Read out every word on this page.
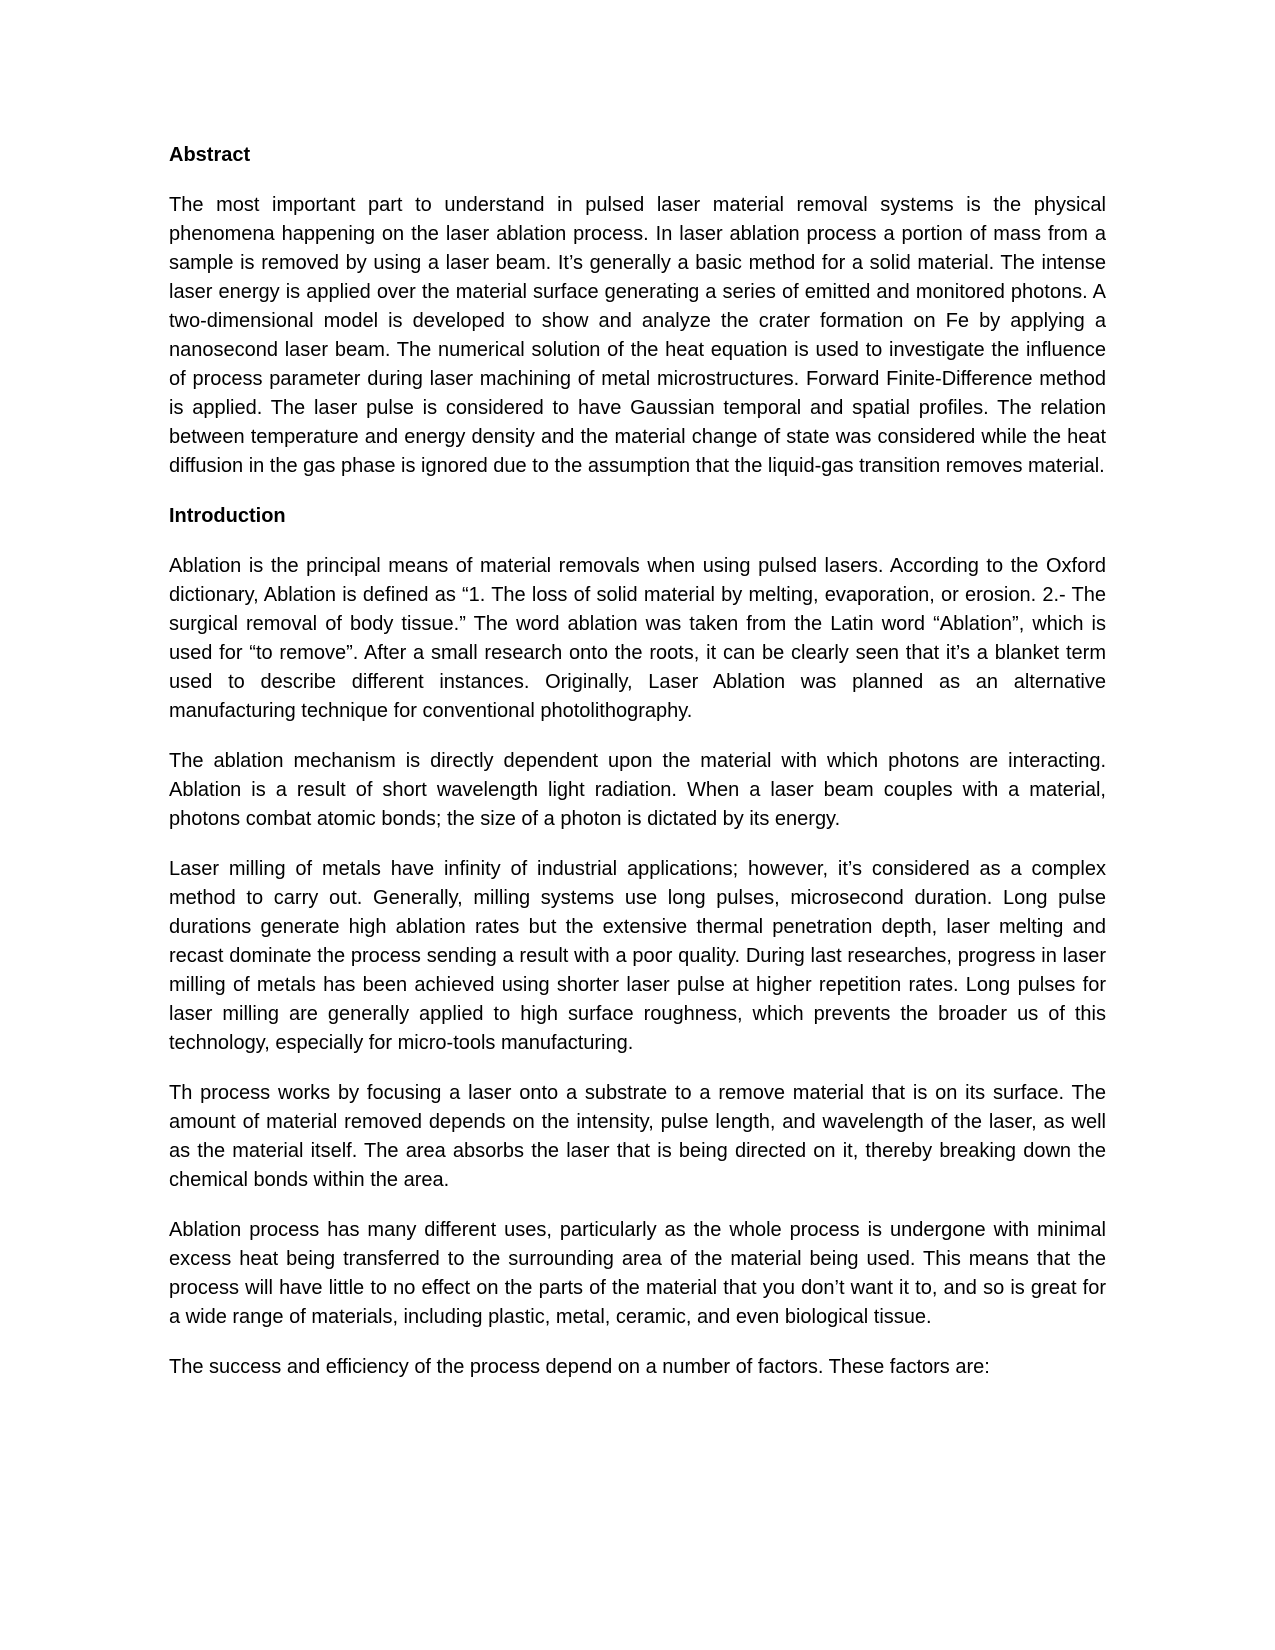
Abstract

The most important part to understand in pulsed laser material removal systems is the physical phenomena happening on the laser ablation process. In laser ablation process a portion of mass from a sample is removed by using a laser beam. It’s generally a basic method for a solid material. The intense laser energy is applied over the material surface generating a series of emitted and monitored photons. A two-dimensional model is developed to show and analyze the crater formation on Fe by applying a nanosecond laser beam. The numerical solution of the heat equation is used to investigate the influence of process parameter during laser machining of metal microstructures. Forward Finite-Difference method is applied. The laser pulse is considered to have Gaussian temporal and spatial profiles. The relation between temperature and energy density and the material change of state was considered while the heat diffusion in the gas phase is ignored due to the assumption that the liquid-gas transition removes material.

Introduction

Ablation is the principal means of material removals when using pulsed lasers. According to the Oxford dictionary, Ablation is defined as “1. The loss of solid material by melting, evaporation, or erosion. 2.- The surgical removal of body tissue.” The word ablation was taken from the Latin word “Ablation”, which is used for “to remove”. After a small research onto the roots, it can be clearly seen that it’s a blanket term used to describe different instances. Originally, Laser Ablation was planned as an alternative manufacturing technique for conventional photolithography.

The ablation mechanism is directly dependent upon the material with which photons are interacting. Ablation is a result of short wavelength light radiation. When a laser beam couples with a material, photons combat atomic bonds; the size of a photon is dictated by its energy.

Laser milling of metals have infinity of industrial applications; however, it’s considered as a complex method to carry out. Generally, milling systems use long pulses, microsecond duration. Long pulse durations generate high ablation rates but the extensive thermal penetration depth, laser melting and recast dominate the process sending a result with a poor quality. During last researches, progress in laser milling of metals has been achieved using shorter laser pulse at higher repetition rates. Long pulses for laser milling are generally applied to high surface roughness, which prevents the broader us of this technology, especially for micro-tools manufacturing.

Th process works by focusing a laser onto a substrate to a remove material that is on its surface. The amount of material removed depends on the intensity, pulse length, and wavelength of the laser, as well as the material itself. The area absorbs the laser that is being directed on it, thereby breaking down the chemical bonds within the area.

Ablation process has many different uses, particularly as the whole process is undergone with minimal excess heat being transferred to the surrounding area of the material being used. This means that the process will have little to no effect on the parts of the material that you don’t want it to, and so is great for a wide range of materials, including plastic, metal, ceramic, and even biological tissue.

The success and efficiency of the process depend on a number of factors. These factors are:
